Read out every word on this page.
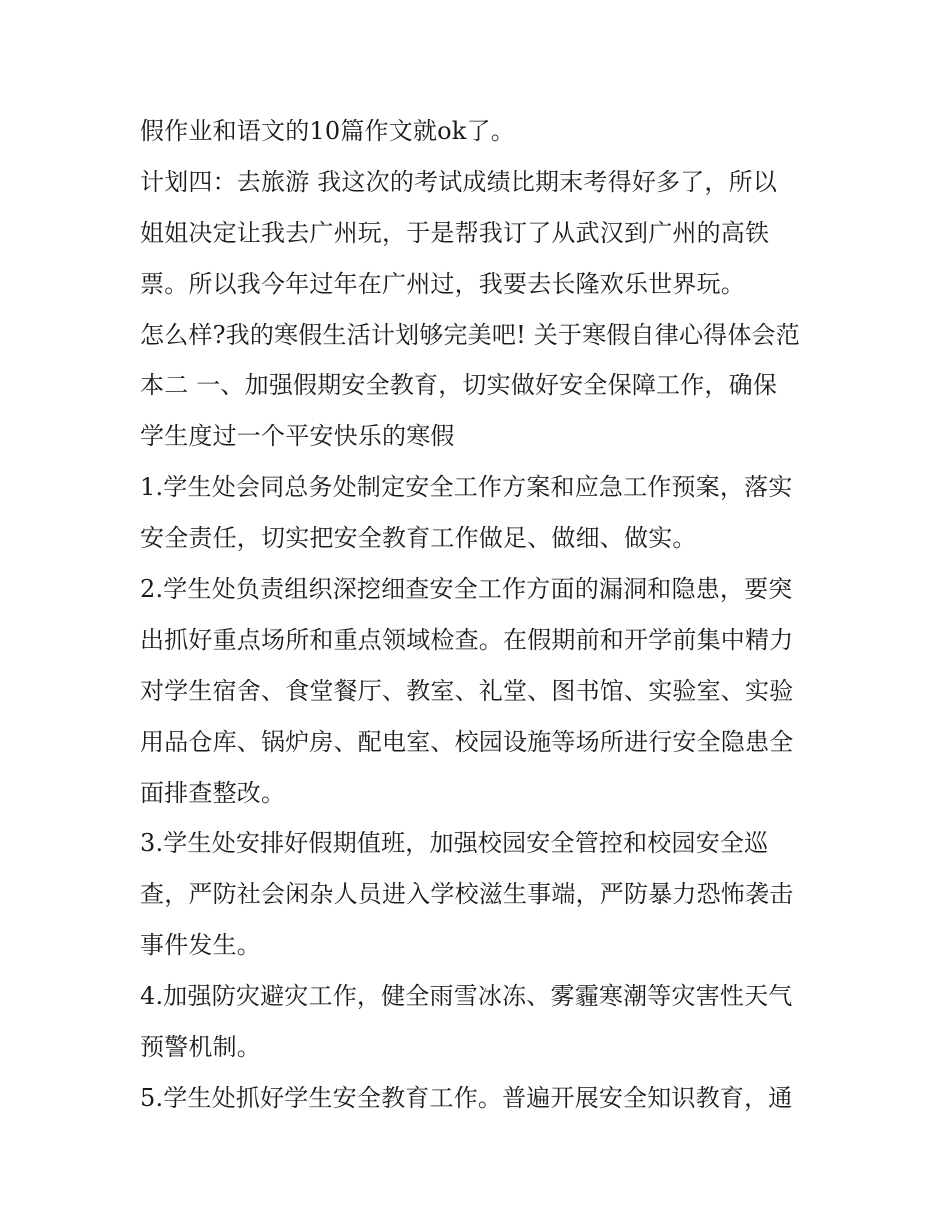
假作业和语文的10篇作文就ok了。
计划四：去旅游 我这次的考试成绩比期末考得好多了，所以
姐姐决定让我去广州玩，于是帮我订了从武汉到广州的高铁
票。所以我今年过年在广州过，我要去长隆欢乐世界玩。
怎么样?我的寒假生活计划够完美吧! 关于寒假自律心得体会范
本二 一、加强假期安全教育，切实做好安全保障工作，确保
学生度过一个平安快乐的寒假
1.学生处会同总务处制定安全工作方案和应急工作预案，落实
安全责任，切实把安全教育工作做足、做细、做实。
2.学生处负责组织深挖细查安全工作方面的漏洞和隐患，要突
出抓好重点场所和重点领域检查。在假期前和开学前集中精力
对学生宿舍、食堂餐厅、教室、礼堂、图书馆、实验室、实验
用品仓库、锅炉房、配电室、校园设施等场所进行安全隐患全
面排查整改。
3.学生处安排好假期值班，加强校园安全管控和校园安全巡
查，严防社会闲杂人员进入学校滋生事端，严防暴力恐怖袭击
事件发生。
4.加强防灾避灾工作，健全雨雪冰冻、雾霾寒潮等灾害性天气
预警机制。
5.学生处抓好学生安全教育工作。普遍开展安全知识教育，通
